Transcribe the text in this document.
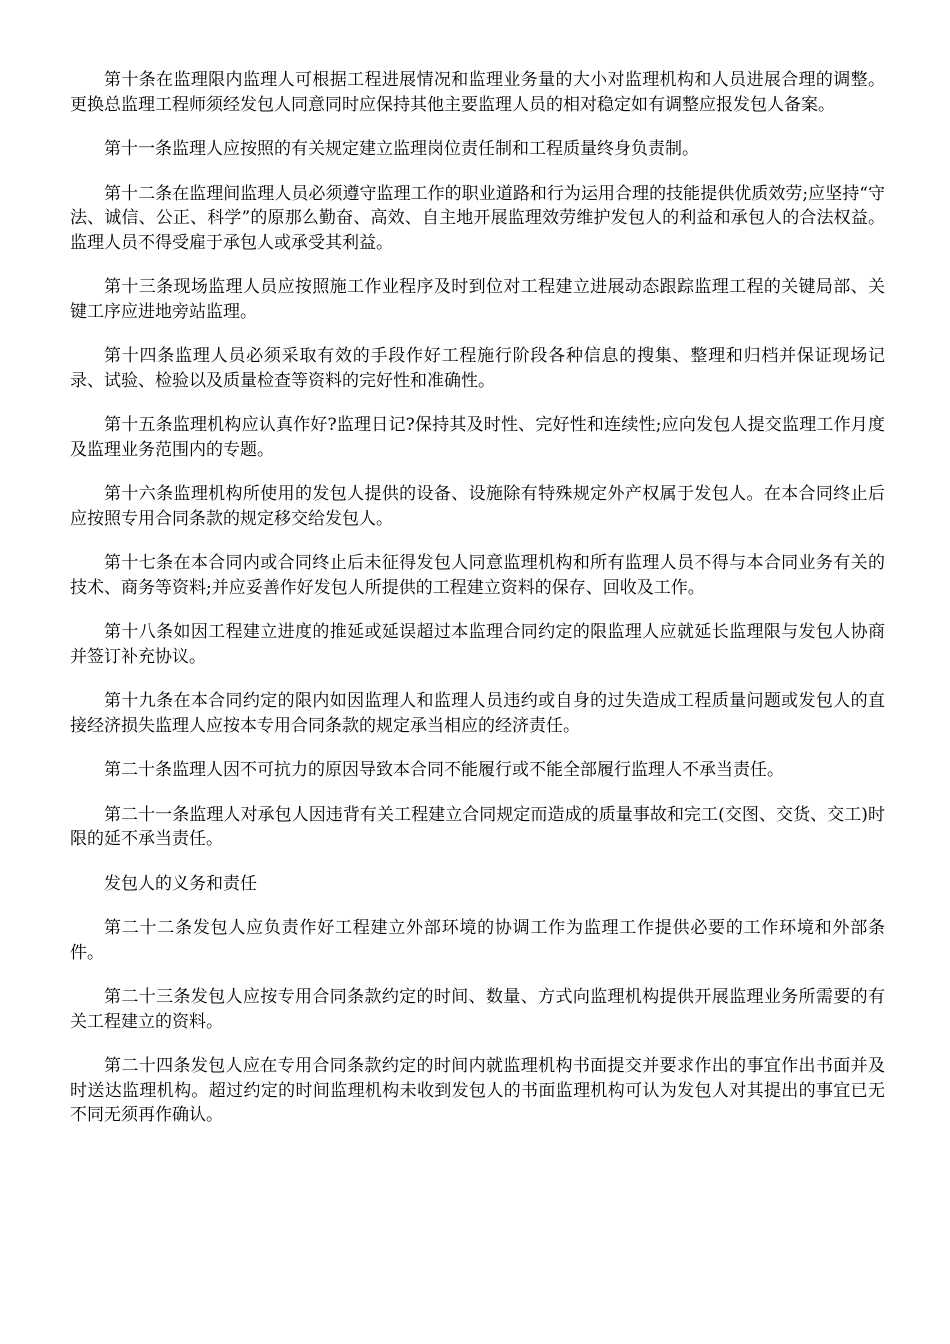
第十条在监理限内监理人可根据工程进展情况和监理业务量的大小对监理机构和人员进展合理的调整。更换总监理工程师须经发包人同意同时应保持其他主要监理人员的相对稳定如有调整应报发包人备案。

第十一条监理人应按照的有关规定建立监理岗位责任制和工程质量终身负责制。

第十二条在监理间监理人员必须遵守监理工作的职业道路和行为运用合理的技能提供优质效劳;应坚持“守法、诚信、公正、科学”的原那么勤奋、高效、自主地开展监理效劳维护发包人的利益和承包人的合法权益。监理人员不得受雇于承包人或承受其利益。

第十三条现场监理人员应按照施工作业程序及时到位对工程建立进展动态跟踪监理工程的关键局部、关键工序应进地旁站监理。

第十四条监理人员必须采取有效的手段作好工程施行阶段各种信息的搜集、整理和归档并保证现场记录、试验、检验以及质量检查等资料的完好性和准确性。

第十五条监理机构应认真作好?监理日记?保持其及时性、完好性和连续性;应向发包人提交监理工作月度及监理业务范围内的专题。

第十六条监理机构所使用的发包人提供的设备、设施除有特殊规定外产权属于发包人。在本合同终止后应按照专用合同条款的规定移交给发包人。

第十七条在本合同内或合同终止后未征得发包人同意监理机构和所有监理人员不得与本合同业务有关的技术、商务等资料;并应妥善作好发包人所提供的工程建立资料的保存、回收及工作。

第十八条如因工程建立进度的推延或延误超过本监理合同约定的限监理人应就延长监理限与发包人协商并签订补充协议。

第十九条在本合同约定的限内如因监理人和监理人员违约或自身的过失造成工程质量问题或发包人的直接经济损失监理人应按本专用合同条款的规定承当相应的经济责任。

第二十条监理人因不可抗力的原因导致本合同不能履行或不能全部履行监理人不承当责任。

第二十一条监理人对承包人因违背有关工程建立合同规定而造成的质量事故和完工(交图、交货、交工)时限的延不承当责任。

发包人的义务和责任

第二十二条发包人应负责作好工程建立外部环境的协调工作为监理工作提供必要的工作环境和外部条件。

第二十三条发包人应按专用合同条款约定的时间、数量、方式向监理机构提供开展监理业务所需要的有关工程建立的资料。

第二十四条发包人应在专用合同条款约定的时间内就监理机构书面提交并要求作出的事宜作出书面并及时送达监理机构。超过约定的时间监理机构未收到发包人的书面监理机构可认为发包人对其提出的事宜已无不同无须再作确认。
